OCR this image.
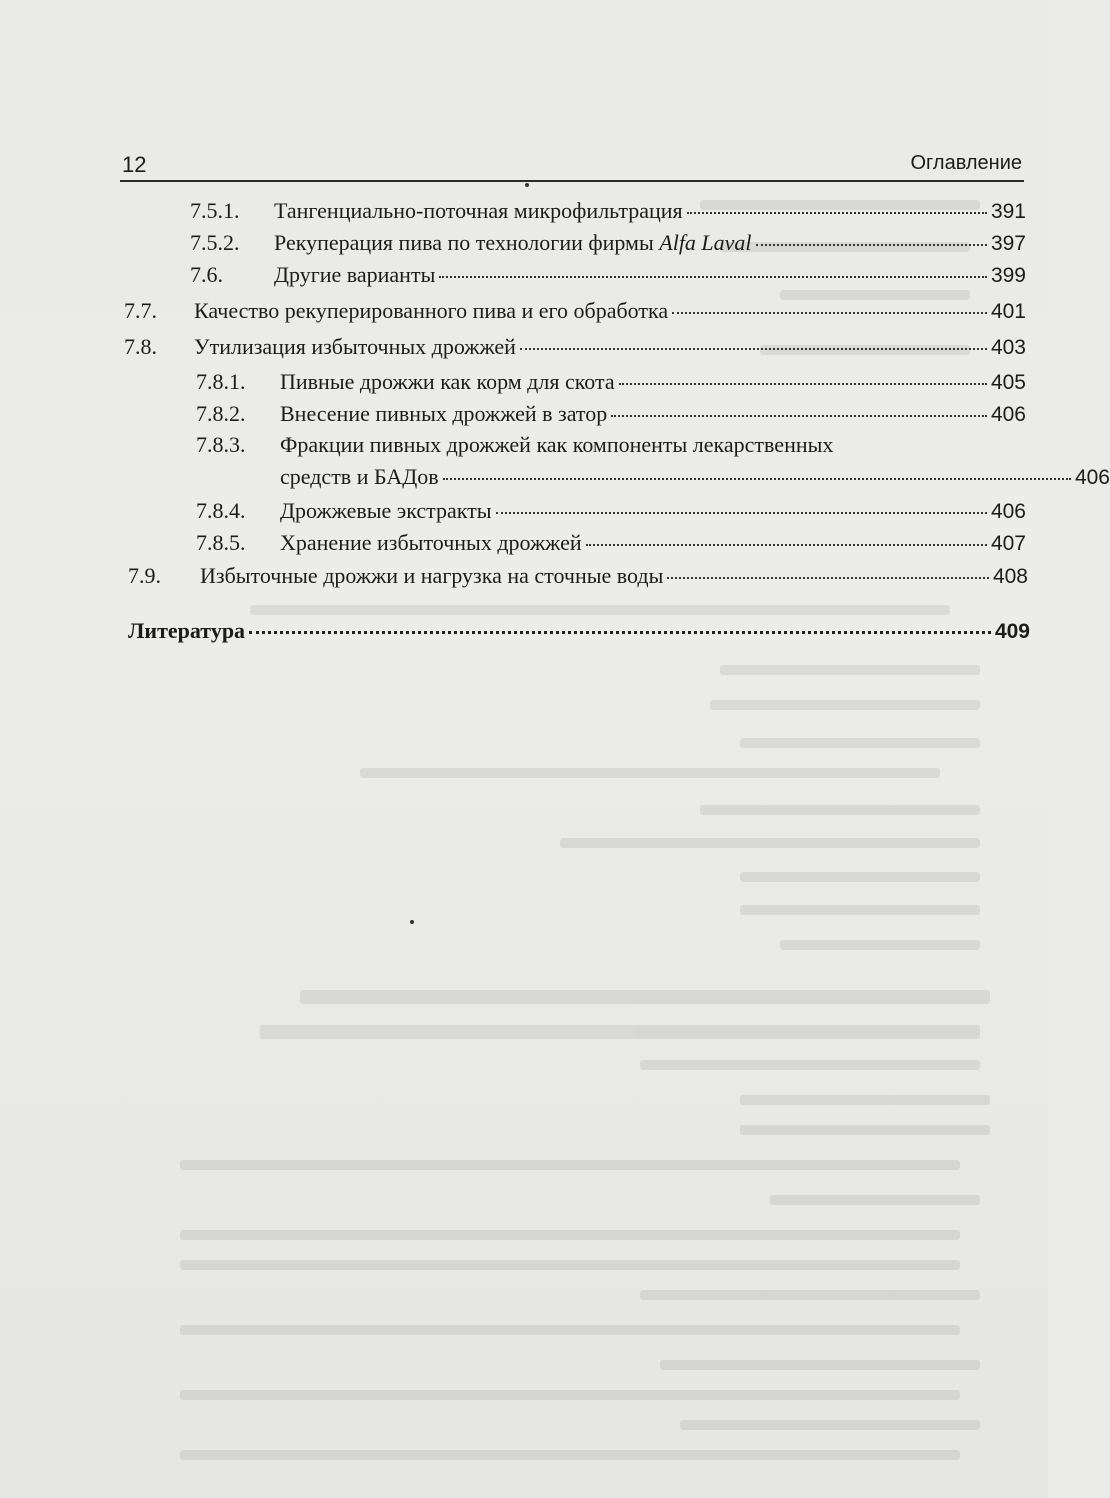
12	Оглавление
7.5.1. Тангенциально-поточная микрофильтрация	391
7.5.2. Рекуперация пива по технологии фирмы Alfa Laval	397
7.6. Другие варианты	399
7.7. Качество рекуперированного пива и его обработка	401
7.8. Утилизация избыточных дрожжей	403
7.8.1. Пивные дрожжи как корм для скота	405
7.8.2. Внесение пивных дрожжей в затор	406
7.8.3.	Фракции пивных дрожжей как компоненты лекарственных
средств и БАДов	406
7.8.4. Дрожжевые экстракты	406
7.8.5. Хранение избыточных дрожжей	407
7.9. Избыточные дрожжи и нагрузка на сточные воды	408
Литература	409
